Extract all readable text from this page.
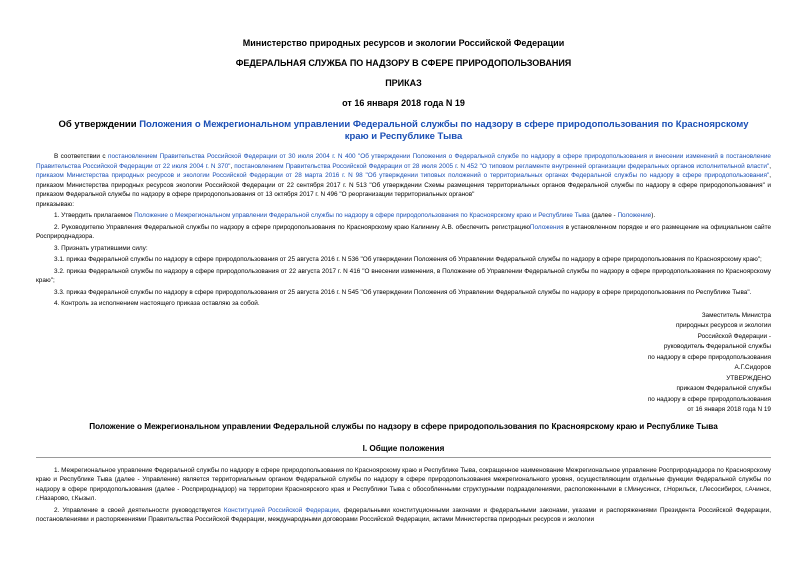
Министерство природных ресурсов и экологии Российской Федерации
ФЕДЕРАЛЬНАЯ СЛУЖБА ПО НАДЗОРУ В СФЕРЕ ПРИРОДОПОЛЬЗОВАНИЯ
ПРИКАЗ
от 16 января 2018 года N 19
Об утверждении Положения о Межрегиональном управлении Федеральной службы по надзору в сфере природопользования по Красноярскому краю и Республике Тыва

В соответствии с постановлением Правительства Российской Федерации от 30 июля 2004 г. N 400 "Об утверждении Положения о Федеральной службе по надзору в сфере природопользования и внесении изменений в постановление Правительства Российской Федерации от 22 июля 2004 г. N 370", постановлением Правительства Российской Федерации от 28 июля 2005 г. N 452 "О типовом регламенте внутренней организации федеральных органов исполнительной власти", приказом Министерства природных ресурсов и экологии Российской Федерации от 28 марта 2016 г. N 98 "Об утверждении типовых положений о территориальных органах Федеральной службы по надзору в сфере природопользования", приказом Министерства природных ресурсов экологии Российской Федерации от 22 сентября 2017 г. N 513 "Об утверждении Схемы размещения территориальных органов Федеральной службы по надзору в сфере природопользования" и приказом Федеральной службы по надзору в сфере природопользования от 13 октября 2017 г. N 496 "О реорганизации территориальных органов"

приказываю:

1. Утвердить прилагаемое Положение о Межрегиональном управлении Федеральной службы по надзору в сфере природопользования по Красноярскому краю и Республике Тыва (далее - Положение).

2. Руководителю Управления Федеральной службы по надзору в сфере природопользования по Красноярскому краю Калинину А.В. обеспечить регистрациюПоложения в установленном порядке и его размещение на официальном сайте Росприроднадзора.

3. Признать утратившими силу:

3.1. приказ Федеральной службы по надзору в сфере природопользования от 25 августа 2016 г. N 536 "Об утверждении Положения об Управлении Федеральной службы по надзору в сфере природопользования по Красноярскому краю";

3.2. приказ Федеральной службы по надзору в сфере природопользования от 22 августа 2017 г. N 416 "О внесении изменения, в Положение об Управлении Федеральной службы по надзору в сфере природопользования по Красноярскому краю";

3.3. приказ Федеральной службы по надзору в сфере природопользования от 25 августа 2016 г. N 545 "Об утверждении Положения об Управлении Федеральной службы по надзору в сфере природопользования по Республике Тыва".

4. Контроль за исполнением настоящего приказа оставляю за собой.

Заместитель Министра
природных ресурсов и экологии
Российской Федерации -
руководитель Федеральной службы
по надзору в сфере природопользования
А.Г.Сидоров
УТВЕРЖДЕНО
приказом Федеральной службы
по надзору в сфере природопользования
от 16 января 2018 года N 19
Положение о Межрегиональном управлении Федеральной службы по надзору в сфере природопользования по Красноярскому краю и Республике Тыва
I. Общие положения

1. Межрегиональное управление Федеральной службы по надзору в сфере природопользования по Красноярскому краю и Республике Тыва, сокращенное наименование Межрегиональное управление Росприроднадзора по Красноярскому краю и Республике Тыва (далее - Управление) является территориальным органом Федеральной службы по надзору в сфере природопользования межрегионального уровня, осуществляющим отдельные функции Федеральной службы по надзору в сфере природопользования (далее - Росприроднадзор) на территории Красноярского края и Республики Тыва с обособленными структурными подразделениями, расположенными в г.Минусинск, г.Норильск, г.Лесосибирск, г.Ачинск, г.Назарово, г.Кызыл.

2. Управление в своей деятельности руководствуется Конституцией Российской Федерации, федеральными конституционными законами и федеральными законами, указами и распоряжениями Президента Российской Федерации, постановлениями и распоряжениями Правительства Российской Федерации, международными договорами Российской Федерации, актами Министерства природных ресурсов и экологии
